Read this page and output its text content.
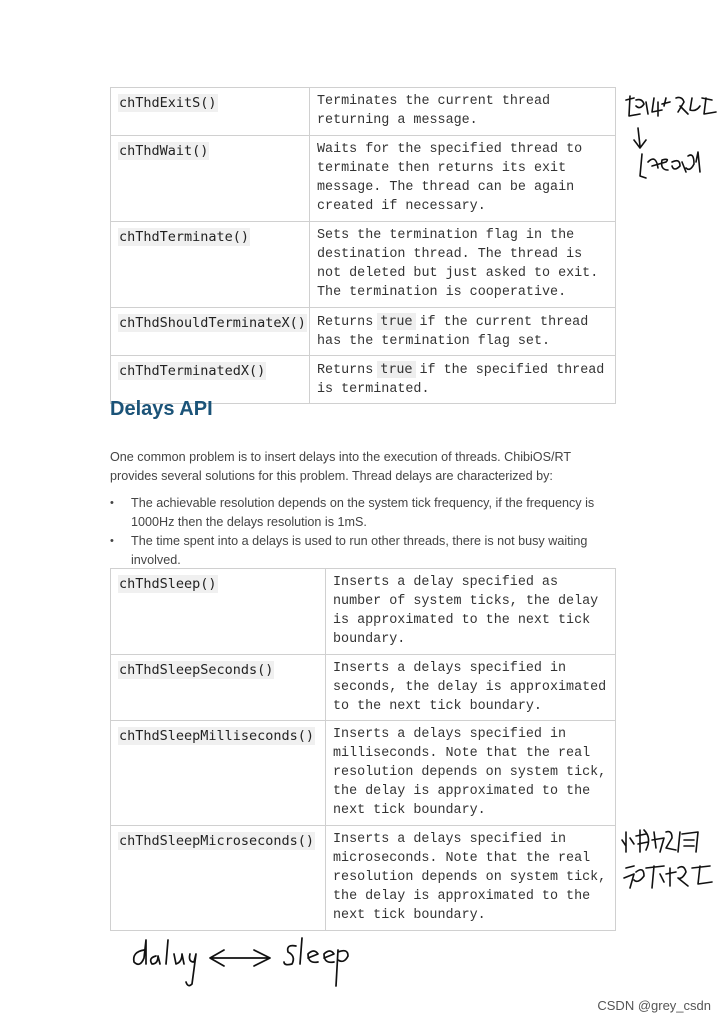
chThdExitS()	Terminates the current thread returning a message.
chThdWait()	Waits for the specified thread to terminate then returns its exit message. The thread can be again created if necessary.
chThdTerminate()	Sets the termination flag in the destination thread. The thread is not deleted but just asked to exit. The termination is cooperative.
chThdShouldTerminateX()	Returns true if the current thread has the termination flag set.
chThdTerminatedX()	Returns true if the specified thread is terminated.
Delays API

One common problem is to insert delays into the execution of threads. ChibiOS/RT provides several solutions for this problem. Thread delays are characterized by:

• The achievable resolution depends on the system tick frequency, if the frequency is 1000Hz then the delays resolution is 1mS.
• The time spent into a delays is used to run other threads, there is not busy waiting involved.
chThdSleep()	Inserts a delay specified as number of system ticks, the delay is approximated to the next tick boundary.
chThdSleepSeconds()	Inserts a delays specified in seconds, the delay is approximated to the next tick boundary.
chThdSleepMilliseconds()	Inserts a delays specified in milliseconds. Note that the real resolution depends on system tick, the delay is approximated to the next tick boundary.
chThdSleepMicroseconds()	Inserts a delays specified in microseconds. Note that the real resolution depends on system tick, the delay is approximated to the next tick boundary.
CSDN @grey_csdn
